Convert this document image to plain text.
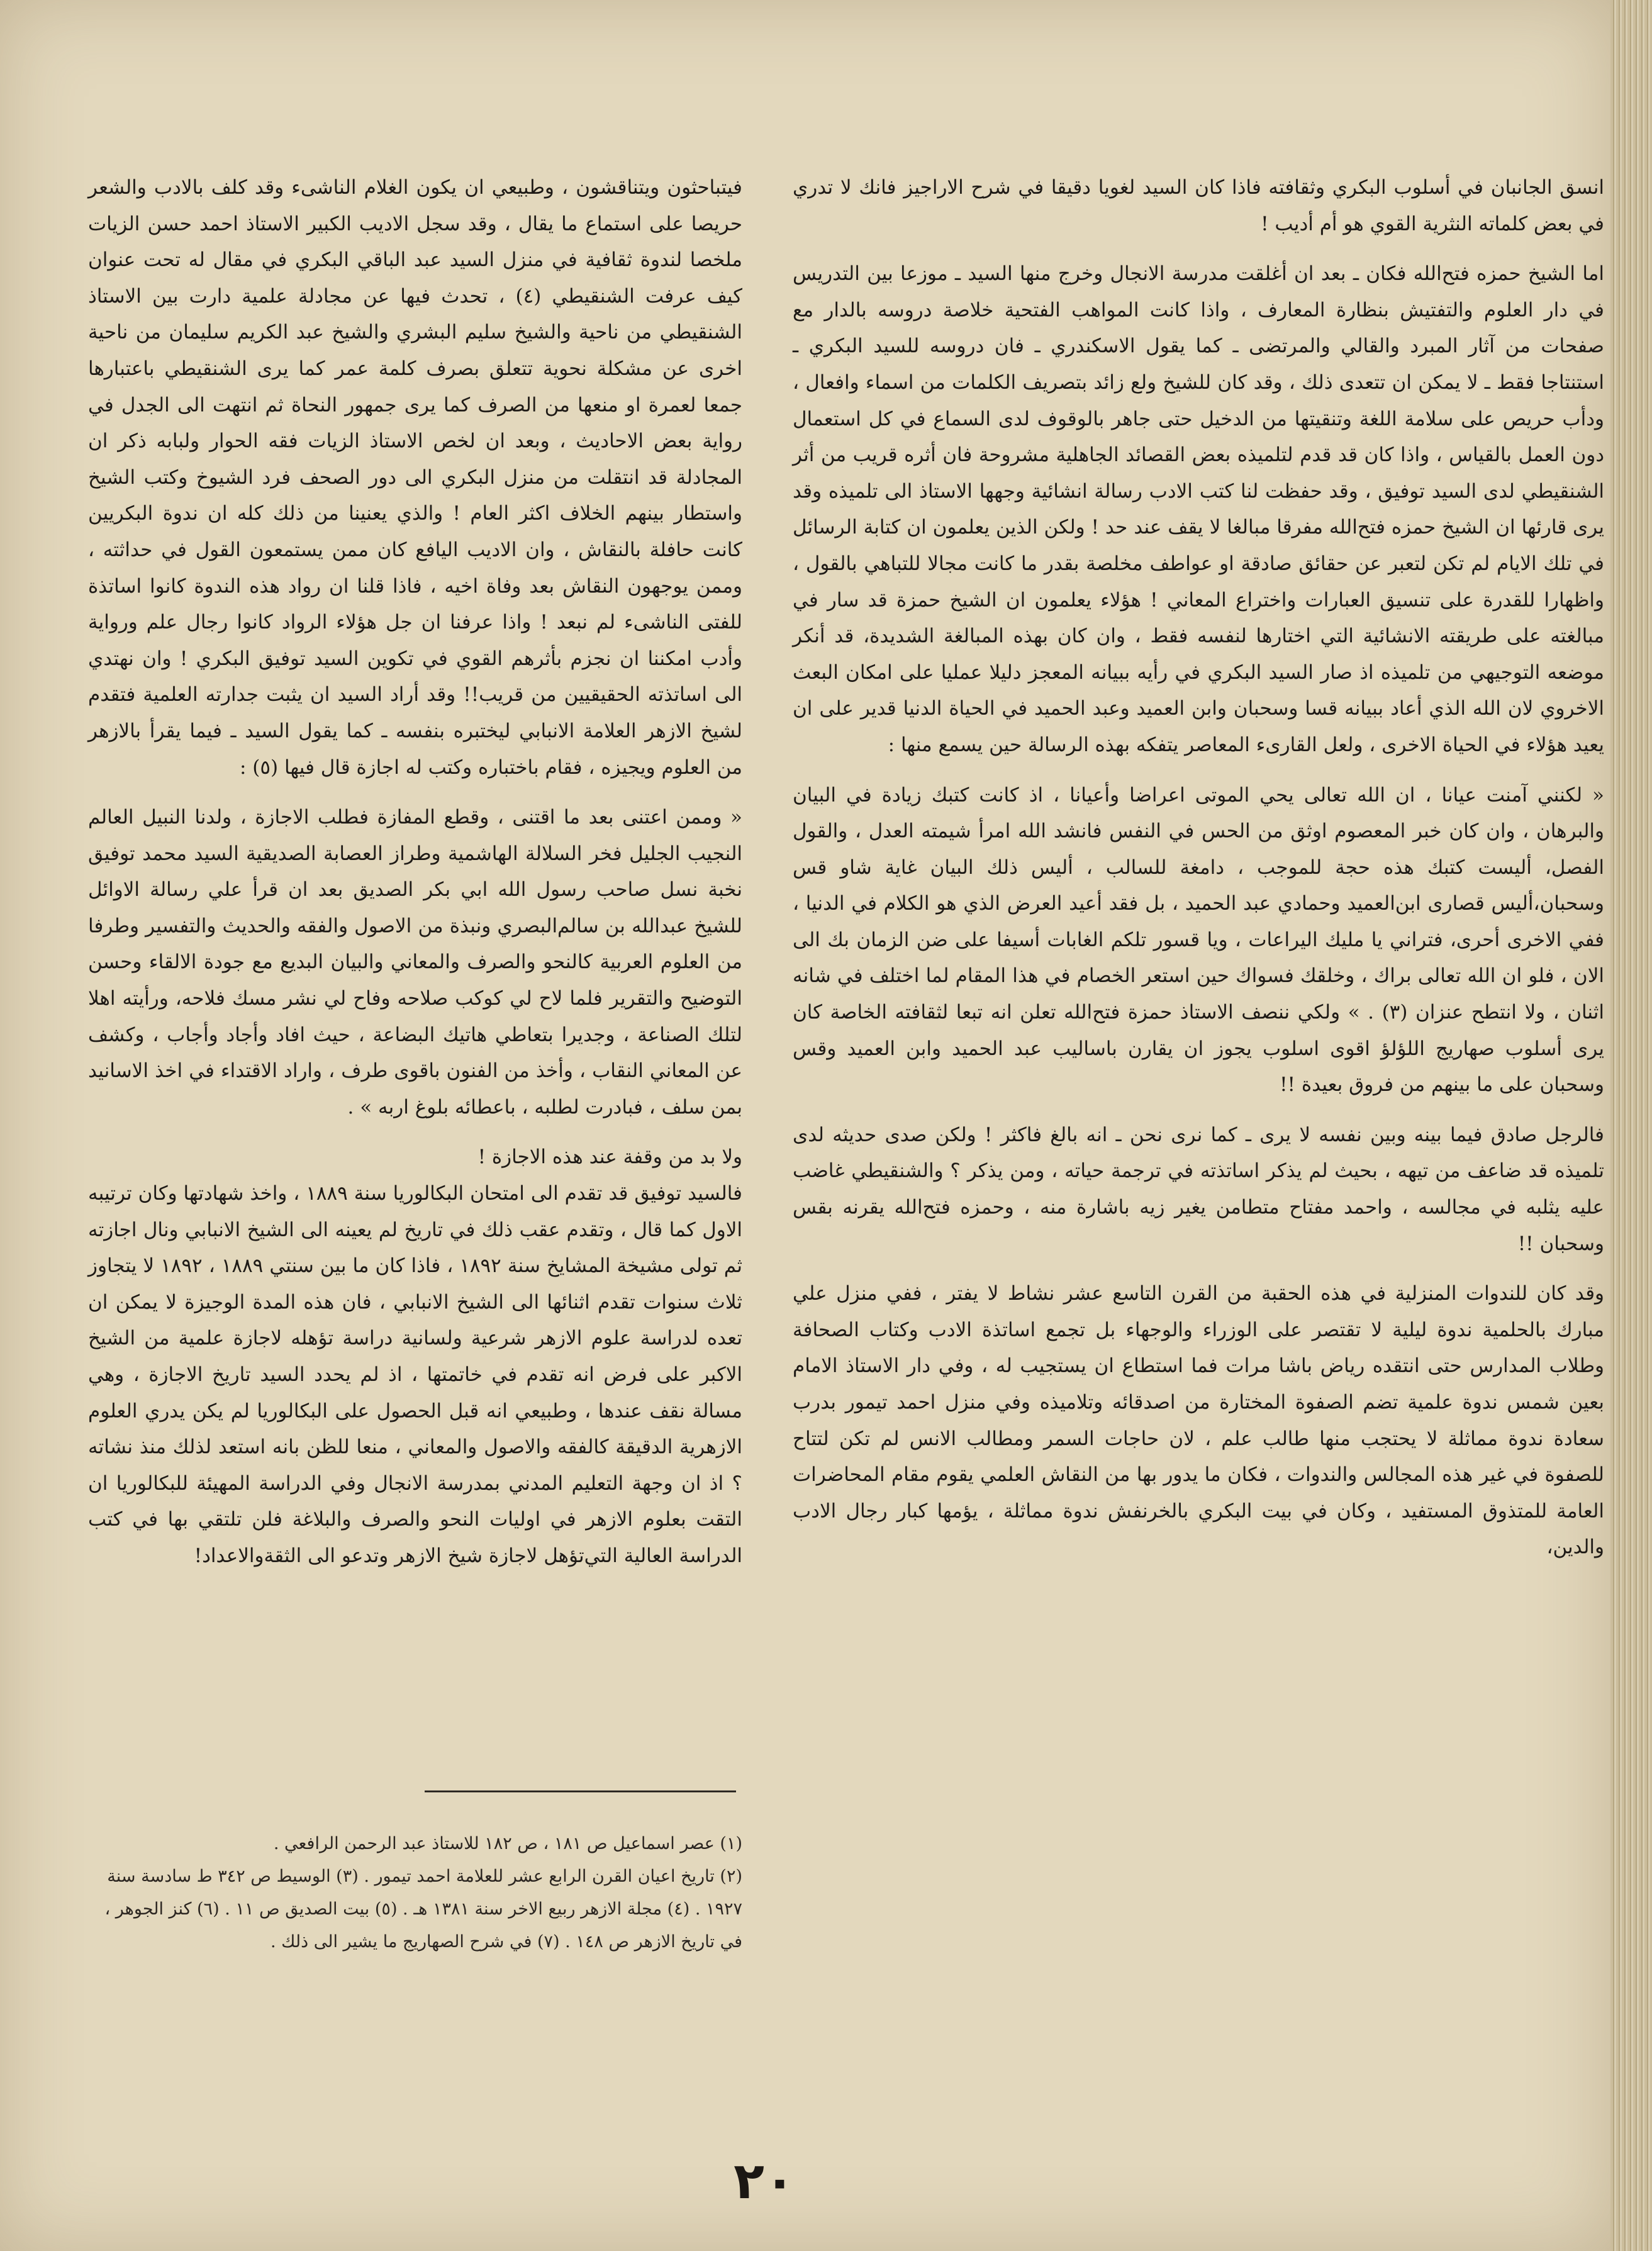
انسق الجانبان في أسلوب البكري وثقافته فاذا كان السيد لغويا دقيقا في شرح الاراجيز فانك لا تدري في بعض كلماته النثرية القوي هو أم أديب !

اما الشيخ حمزه فتح‌الله فكان ـ بعد ان أغلقت مدرسة الانجال وخرج منها السيد ـ موزعا بين التدريس في دار العلوم والتفتيش بنظارة المعارف ، واذا كانت المواهب الفتحية خلاصة دروسه بالدار مع صفحات من آثار المبرد والقالي والمرتضى ـ كما يقول الاسكندري ـ فان دروسه للسيد البكري ـ استنتاجا فقط ـ لا يمكن ان تتعدى ذلك ، وقد كان للشيخ ولع زائد بتصريف الكلمات من اسماء وافعال ، ودأب حريص على سلامة اللغة وتنقيتها من الدخيل حتى جاهر بالوقوف لدى السماع في كل استعمال دون العمل بالقياس ، واذا كان قد قدم لتلميذه بعض القصائد الجاهلية مشروحة فان أثره قريب من أثر الشنقيطي لدى السيد توفيق ، وقد حفظت لنا كتب الادب رسالة انشائية وجهها الاستاذ الى تلميذه وقد يرى قارئها ان الشيخ حمزه فتح‌الله مفرقا مبالغا لا يقف عند حد ! ولكن الذين يعلمون ان كتابة الرسائل في تلك الايام لم تكن لتعبر عن حقائق صادقة او عواطف مخلصة بقدر ما كانت مجالا للتباهي بالقول ، واظهارا للقدرة على تنسيق العبارات واختراع المعاني ! هؤلاء يعلمون ان الشيخ حمزة قد سار في مبالغته على طريقته الانشائية التي اختارها لنفسه فقط ، وان كان بهذه المبالغة الشديدة، قد أنكر موضعه التوجيهي من تلميذه اذ صار السيد البكري في رأيه ببيانه المعجز دليلا عمليا على امكان البعث الاخروي لان الله الذي أعاد ببيانه قسا وسحبان وابن العميد وعبد الحميد في الحياة الدنيا قدير على ان يعيد هؤلاء في الحياة الاخرى ، ولعل القارىء المعاصر يتفكه بهذه الرسالة حين يسمع منها :

« لكنني آمنت عيانا ، ان الله تعالى يحي الموتى اعراضا وأعيانا ، اذ كانت كتبك زيادة في البيان والبرهان ، وان كان خبر المعصوم اوثق من الحس في النفس فانشد الله امرأ شيمته العدل ، والقول الفصل، أليست كتبك هذه حجة للموجب ، دامغة للسالب ، أليس ذلك البيان غاية شاو قس وسحبان،أليس قصارى ابن‌العميد وحمادي عبد الحميد ، بل فقد أعيد العرض الذي هو الكلام في الدنيا ، ففي الاخرى أحرى، فتراني يا مليك اليراعات ، ويا قسور تلكم الغابات أسيفا على ضن الزمان بك الى الان ، فلو ان الله تعالى براك ، وخلقك فسواك حين استعر الخصام في هذا المقام لما اختلف في شانه اثنان ، ولا انتطح عنزان (٣) . » ولكي ننصف الاستاذ حمزة فتح‌الله تعلن انه تبعا لثقافته الخاصة كان يرى أسلوب صهاريج اللؤلؤ اقوى اسلوب يجوز ان يقارن باساليب عبد الحميد وابن العميد وقس وسحبان على ما بينهم من فروق بعيدة !!

فالرجل صادق فيما بينه وبين نفسه لا يرى ـ كما نرى نحن ـ انه بالغ فاكثر ! ولكن صدى حديثه لدى تلميذه قد ضاعف من تيهه ، بحيث لم يذكر اساتذته في ترجمة حياته ، ومن يذكر ؟ والشنقيطي غاضب عليه يثلبه في مجالسه ، واحمد مفتاح متطامن يغير زيه باشارة منه ، وحمزه فتح‌الله يقرنه بقس وسحبان !!

وقد كان للندوات المنزلية في هذه الحقبة من القرن التاسع عشر نشاط لا يفتر ، ففي منزل علي مبارك بالحلمية ندوة ليلية لا تقتصر على الوزراء والوجهاء بل تجمع اساتذة الادب وكتاب الصحافة وطلاب المدارس حتى انتقده رياض باشا مرات فما استطاع ان يستجيب له ، وفي دار الاستاذ الامام بعين شمس ندوة علمية تضم الصفوة المختارة من اصدقائه وتلاميذه وفي منزل احمد تيمور بدرب سعادة ندوة مماثلة لا يحتجب منها طالب علم ، لان حاجات السمر ومطالب الانس لم تكن لتتاح للصفوة في غير هذه المجالس والندوات ، فكان ما يدور بها من النقاش العلمي يقوم مقام المحاضرات العامة للمتذوق المستفيد ، وكان في بيت البكري بالخرنفش ندوة مماثلة ، يؤمها كبار رجال الادب والدين،

فيتباحثون ويتناقشون ، وطبيعي ان يكون الغلام الناشىء وقد كلف بالادب والشعر حريصا على استماع ما يقال ، وقد سجل الاديب الكبير الاستاذ احمد حسن الزيات ملخصا لندوة ثقافية في منزل السيد عبد الباقي البكري في مقال له تحت عنوان كيف عرفت الشنقيطي (٤) ، تحدث فيها عن مجادلة علمية دارت بين الاستاذ الشنقيطي من ناحية والشيخ سليم البشري والشيخ عبد الكريم سليمان من ناحية اخرى عن مشكلة نحوية تتعلق بصرف كلمة عمر كما يرى الشنقيطي باعتبارها جمعا لعمرة او منعها من الصرف كما يرى جمهور النحاة ثم انتهت الى الجدل في رواية بعض الاحاديث ، وبعد ان لخص الاستاذ الزيات فقه الحوار ولبابه ذكر ان المجادلة قد انتقلت من منزل البكري الى دور الصحف فرد الشيوخ وكتب الشيخ واستطار بينهم الخلاف اكثر العام ! والذي يعنينا من ذلك كله ان ندوة البكريين كانت حافلة بالنقاش ، وان الاديب اليافع كان ممن يستمعون القول في حداثته ، وممن يوجهون النقاش بعد وفاة اخيه ، فاذا قلنا ان رواد هذه الندوة كانوا اساتذة للفتى الناشىء لم نبعد ! واذا عرفنا ان جل هؤلاء الرواد كانوا رجال علم ورواية وأدب امكننا ان نجزم بأثرهم القوي في تكوين السيد توفيق البكري ! وان نهتدي الى اساتذته الحقيقيين من قريب!! وقد أراد السيد ان يثبت جدارته العلمية فتقدم لشيخ الازهر العلامة الانبابي ليختبره بنفسه ـ كما يقول السيد ـ فيما يقرأ بالازهر من العلوم ويجيزه ، فقام باختباره وكتب له اجازة قال فيها (٥) :

« وممن اعتنى بعد ما اقتنى ، وقطع المفازة فطلب الاجازة ، ولدنا النبيل العالم النجيب الجليل فخر السلالة الهاشمية وطراز العصابة الصديقية السيد محمد توفيق نخبة نسل صاحب رسول الله ابي بكر الصديق بعد ان قرأ علي رسالة الاوائل للشيخ عبدالله بن سالم‌البصري ونبذة من الاصول والفقه والحديث والتفسير وطرفا من العلوم العربية كالنحو والصرف والمعاني والبيان البديع مع جودة الالقاء وحسن التوضيح والتقرير فلما لاح لي كوكب صلاحه وفاح لي نشر مسك فلاحه، ورأيته اهلا لتلك الصناعة ، وجديرا بتعاطي هاتيك البضاعة ، حيث افاد وأجاد وأجاب ، وكشف عن المعاني النقاب ، وأخذ من الفنون باقوى طرف ، واراد الاقتداء في اخذ الاسانيد بمن سلف ، فبادرت لطلبه ، باعطائه بلوغ اربه » .

ولا بد من وقفة عند هذه الاجازة !

فالسيد توفيق قد تقدم الى امتحان البكالوريا سنة ١٨٨٩ ، واخذ شهادتها وكان ترتيبه الاول كما قال ، وتقدم عقب ذلك في تاريخ لم يعينه الى الشيخ الانبابي ونال اجازته ثم تولى مشيخة المشايخ سنة ١٨٩٢ ، فاذا كان ما بين سنتي ١٨٨٩ ، ١٨٩٢ لا يتجاوز ثلاث سنوات تقدم اثنائها الى الشيخ الانبابي ، فان هذه المدة الوجيزة لا يمكن ان تعده لدراسة علوم الازهر شرعية ولسانية دراسة تؤهله لاجازة علمية من الشيخ الاكبر على فرض انه تقدم في خاتمتها ، اذ لم يحدد السيد تاريخ الاجازة ، وهي مسالة نقف عندها ، وطبيعي انه قبل الحصول على البكالوريا لم يكن يدري العلوم الازهرية الدقيقة كالفقه والاصول والمعاني ، منعا للظن بانه استعد لذلك منذ نشاته ؟ اذ ان وجهة التعليم المدني بمدرسة الانجال وفي الدراسة المهيئة للبكالوريا ان التقت بعلوم الازهر في اوليات النحو والصرف والبلاغة فلن تلتقي بها في كتب الدراسة العالية التي‌تؤهل لاجازة شيخ الازهر وتدعو الى الثقةوالاعداد!

(١) عصر اسماعيل ص ١٨١ ، ص ١٨٢ للاستاذ عبد الرحمن الرافعي .

(٢) تاريخ اعيان القرن الرابع عشر للعلامة احمد تيمور . (٣) الوسيط ص ٣٤٢ ط سادسة سنة ١٩٢٧ . (٤) مجلة الازهر ربيع الاخر سنة ١٣٨١ هـ . (٥) بيت الصديق ص ١١ . (٦) كنز الجوهر ، في تاريخ الازهر ص ١٤٨ . (٧) في شرح الصهاريج ما يشير الى ذلك .

٢٠
